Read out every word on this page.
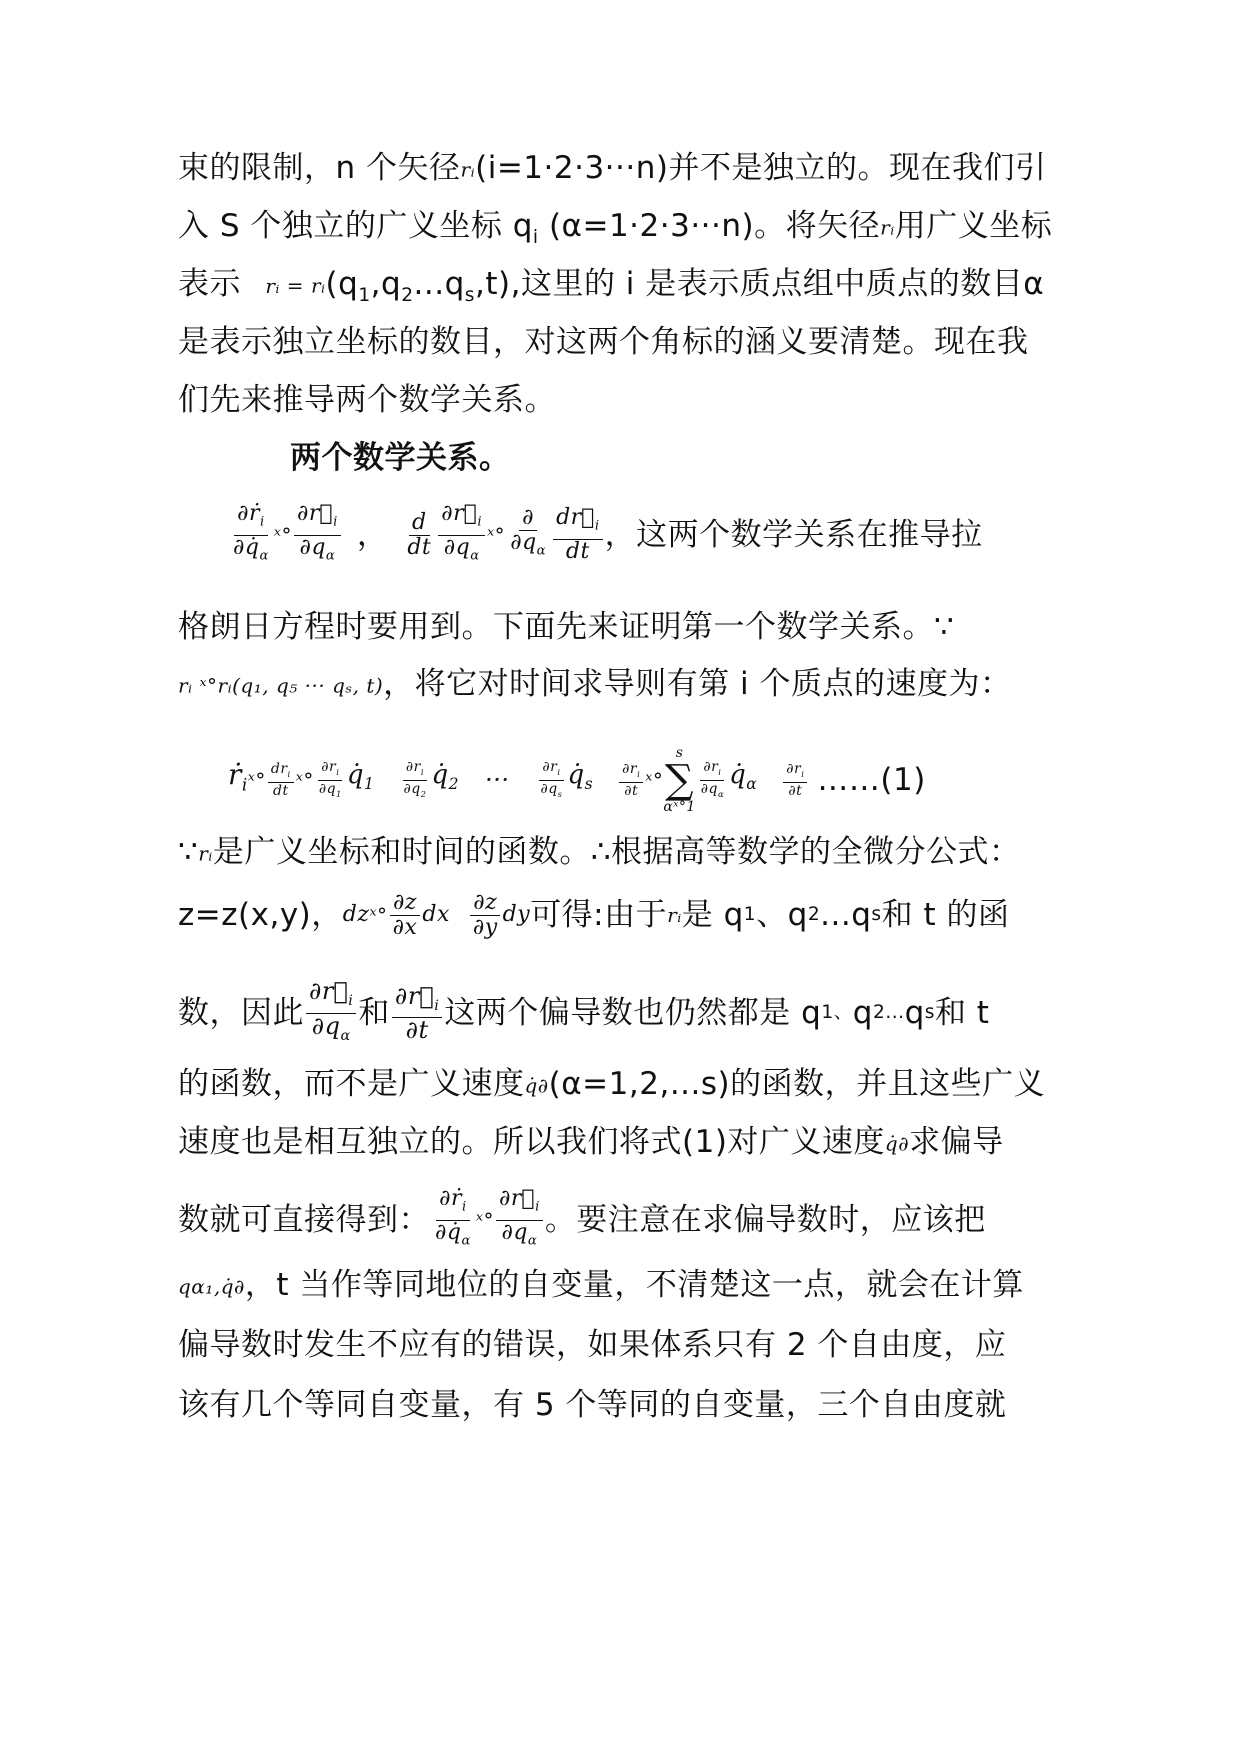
束的限制，n 个矢径rᵢ(i=1·2·3···n)并不是独立的。现在我们引
入 S 个独立的广义坐标 $q_i$ (α=1·2·3···n)。将矢径rᵢ用广义坐标
表示 rᵢ = $rᵢ(q_1,q_2...q_s,t)$,这里的 i 是表示质点组中质点的数目α
是表示独立坐标的数目，对这两个角标的涵义要清楚。现在我
们先来推导两个数学关系。
两个数学关系。
$\frac{\partial ṙ_i}{\partial q̇_\alpha}$ ˣ° $\frac{\partial r⃗_i}{\partial q_\alpha}$ ， $\frac{d}{dt} \frac{\partial r⃗_i}{\partial q_\alpha}$ ˣ° $\frac{\partial}{\partial q_\alpha} \frac{dr⃗_i}{dt}$ ，这两个数学关系在推导拉
格朗日方程时要用到。下面先来证明第一个数学关系。∵
rᵢ ˣ°rᵢ(q₁, q₅ ··· qₛ, t)，将它对时间求导则有第 i 个质点的速度为：
$ṙ_i$ ˣ° $\frac{dr_i}{dt}$ ˣ° $\frac{\partial r_i}{\partial q_1}$ $q̇_1 \frac{\partial r_i}{\partial q_2}$ $q̇_2$ ··· $\frac{\partial r_i}{\partial q_s}$ $q̇_s \frac{\partial r_i}{\partial t}$ ˣ°
s
∑
αˣ°1
$\frac{\partial r_i}{\partial q_\alpha}$ $q̇_\alpha \frac{\partial r_i}{\partial t}$ ……(1)
∵rᵢ是广义坐标和时间的函数。∴根据高等数学的全微分公式：
z=z(x,y)， dz ˣ° $\frac{\partial z}{\partial x}$ dx $\frac{\partial z}{\partial y}$ dy 可得:由于 rᵢ 是 q 1 、q 2 ...q s 和 t 的函
数，因此 $\frac{\partial r⃗_i}{\partial q_\alpha}$ 和 $\frac{\partial r⃗_i}{\partial t}$ 这两个偏导数也仍然都是 q 1 、 q 2 ... q s 和 t
的函数，而不是广义速度q̇∂(α=1,2,...s)的函数，并且这些广义
速度也是相互独立的。所以我们将式(1)对广义速度q̇∂求偏导
数就可直接得到： $\frac{\partial ṙ_i}{\partial q̇_\alpha}$ ˣ° $\frac{\partial r⃗_i}{\partial q_\alpha}$ 。要注意在求偏导数时，应该把
qα₁,q̇∂，t 当作等同地位的自变量，不清楚这一点，就会在计算
偏导数时发生不应有的错误，如果体系只有 2 个自由度，应
该有几个等同自变量，有 5 个等同的自变量，三个自由度就
